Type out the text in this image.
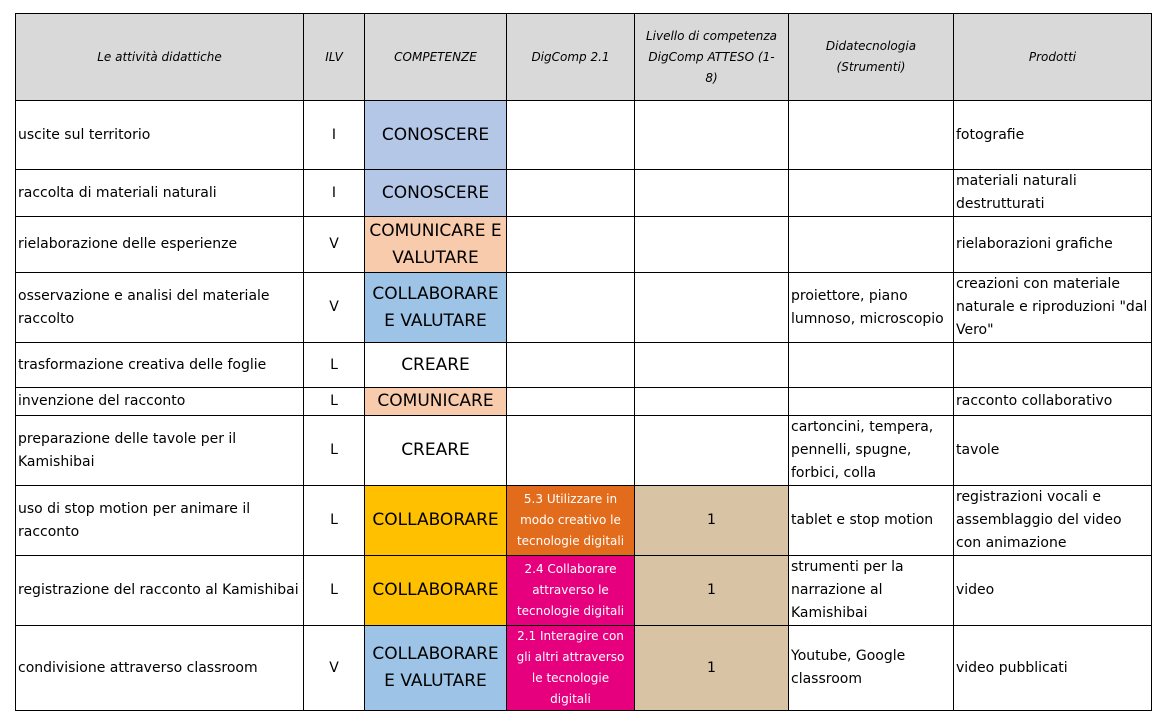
Le attività didattiche	ILV	COMPETENZE	DigComp 2.1	Livello di competenza DigComp ATTESO (1-8)	Didatecnologia (Strumenti)	Prodotti
uscite sul territorio	I	CONOSCERE				fotografie
raccolta di materiali naturali	I	CONOSCERE				materiali naturali destrutturati
rielaborazione delle esperienze	V	COMUNICARE E VALUTARE				rielaborazioni grafiche
osservazione e analisi del materiale raccolto	V	COLLABORARE E VALUTARE			proiettore, piano lumnoso, microscopio	creazioni con materiale naturale e riproduzioni "dal Vero"
trasformazione creativa delle foglie	L	CREARE				
invenzione del racconto	L	COMUNICARE				racconto collaborativo
preparazione delle tavole per il Kamishibai	L	CREARE			cartoncini, tempera, pennelli, spugne, forbici, colla	tavole
uso di stop motion per animare il racconto	L	COLLABORARE	5.3 Utilizzare in modo creativo le tecnologie digitali	1	tablet e stop motion	registrazioni vocali e assemblaggio del video con animazione
registrazione del racconto al Kamishibai	L	COLLABORARE	2.4 Collaborare attraverso le tecnologie digitali	1	strumenti per la narrazione al Kamishibai	video
condivisione attraverso classroom	V	COLLABORARE E VALUTARE	2.1 Interagire con gli altri attraverso le tecnologie digitali	1	Youtube, Google classroom	video pubblicati
